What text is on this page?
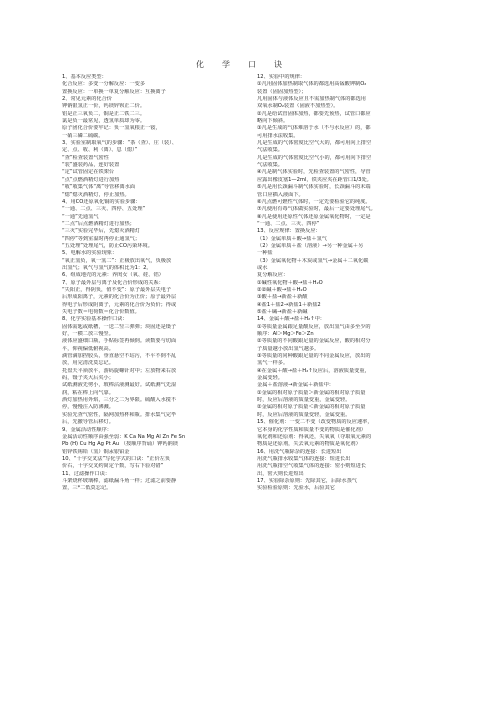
化学口诀
1、基本反应类型：
化合反应：多变一分解反应：一变多
置换反应：一单换一单复分解反应：互换离子
2、常见元素的化合价
钾钠银氢正一价，钙镁锌钡正二价。
铝是正三氧负二，铜是正二铁二三。
氯是负一最常见，透氢单质却为零。
原子团化合价要牢记：负一氢氧根正一铵，
一硝三磷二硫碳。
3、实验室制取氧气的步骤：“茶（查）、庄（装）、
定、点、收、利（离）、息（熄）”
“查”检查装置气密性
“装”盛装药品，连好装置
“定”试管固定在铁架台
“点”点燃酒精灯进行加热
“收”收集气体“离”导管移离水面
“熄”熄灭酒精灯，停止加热。
4、用CO还原氧化铜的实验步骤：
“一通、二点、三灭、四停、五处理”
“一通”先通氢气
“二点”后点燃酒精灯进行加热；
“三灭”实验完毕后，先熄灭酒精灯
“四停”等到室温时再停止通氢气；
“五处理”处理尾气，防止CO污染环境。
5、电解水的实验现象：
“氧正氢负，氧一氢二”：正极放出氧气，负极放
出氢气；氧气与氢气的体积比为1：2。
6、组成地壳的元素：养闺女（氧、硅、铝）
7、原子最外层与离子及化合价形成的关系：
“失阳正，得阴负，值不变”：原子最外层失电子
后形成阳离子，元素的化合价为正价；原子最外层
得电子后形成阴离子，元素的化合价为负价；得或
失电子数＝电荷数＝化合价数值。
8、化学实验基本操作口诀：
固体需匙或纸槽，一送二竖三弹弹；块固还是镊子
好，一横二放三慢竖。
液体应盛细口瓶，手贴标签再倾倒。读数要与切面
平，仰视偏低俯视高。
滴管滴加捏胶头，垂直悬空不玷污，不平不倒不乱
放，用完清洗莫忘记。
托盘天平须放平，游码旋螺针对中；左放物来右放
码，镊子夹大后夹小；
试纸测液先剪小，玻棒沾液测最好。试纸测气先湿
润，粘在棒上向气靠。
酒灯加热用外焰，三分之二为界限。硫酸入水搅不
停，慢慢注入防沸溅。
实验先查气密性，隔网加热杯和瓶。排水集气完毕
后，先撤导管后移灯。
9、金属活动性顺序：
金属活动性顺序由强至弱：K Ca Na Mg Al Zn Fe Sn
Pb (H) Cu Hg Ag Pt Au （按顺序背诵）钾钙钠镁
铝锌铁锡铅（氢）铜汞银铂金
10、“十字交叉法”写化学式的口诀：“正价左负
价右，十字交叉约简定个数，写右下验对错”
11、过滤操作口诀：
斗架烧杯玻璃棒，滤纸漏斗角一样；过滤之前要静
置，三*二低莫忘记。
12、实验中的规律：
①凡用固体加热制取气体的都选用高锰酸钾制O₂
装置（固固加热型）；
凡用固体与液体反应且不需加热制气体的都选用
双氧水制O₂装置（固液不加热型）。
②凡是给试管固体加热，都要先预热，试管口都应
略向下倾斜。
③凡是生成的气体难溶于水（不与水反应）的，都
可用排水法收集。
凡是生成的气体密度比空气大的，都可用向上排空
气法收集。
凡是生成的气体密度比空气小的，都可用向下排空
气法收集。
④凡是制气体实验时，先检查装置的气密性，导管
应露出橡皮塞1—2ml，铁夹应夹在距管口1/3处。
⑤凡是用长颈漏斗制气体实验时，长颈漏斗的末端
管口应插入液面下。
⑥凡点燃可燃性气体时，一定先要检验它的纯度。
⑦凡使用有毒气体做实验时，最后一定要处理尾气。
⑧凡是使用还原性气体还原金属氧化物时，一定是
“一通、二点、三灭、四停”
13、反应规律：置换反应：
（1）金属单质＋酸→盐＋氢气
（2）金属单质＋盐（溶液）→另一种金属＋另
一种盐
（3）金属氧化物＋木炭或氢气→金属＋二氧化碳
或水
复分解反应：
①碱性氧化物＋酸→盐＋H₂O
②②碱＋酸→盐＋H₂O
③酸＋盐→新盐＋新酸
④盐1＋盐2→新盐1＋新盐2
⑤盐＋碱→新盐＋新碱
14、金属＋酸→盐＋H₂↑中：
①等质量金属跟足量酸反应，放出氢气由多至少的
顺序：Al＞Mg＞Fe＞Zn
②等质量的不同酸跟足量的金属反应，酸的相对分
子质量越小放出氢气越多。
③等质量的同种酸跟足量的不同金属反应，放出的
氢气一样多。
④在金属＋酸→盐＋H₂↑反应后，溶液质量变重，
金属变轻。
金属＋盐溶液→新金属＋新盐中：
①金属的相对原子质量＞新金属的相对原子质量
时，反应后溶液的质量变重，金属变轻。
②金属的相对原子质量＜新金属的相对原子质量
时，反应后溶液的质量变轻，金属变重。
15、催化剂：一变二不变（改变物质的反应速率，
它本身的化学性质和质量不变的物质是催化剂）
氧化剂和还原剂：得氧还，失氧氧（夺取氧元素的
物质是还原剂，失去氧元素的物质是氧化剂）
16、用洗气瓶除杂的连接：长进短出
用洗气瓶排水收集气体的连接：短进长出
用洗气瓶排空气收集气体的连接：密小则短进长
出，密大则长进短出
17、实验除杂原则：先除其它，后除水蒸气
实验检验原则：先验水，后验其它
